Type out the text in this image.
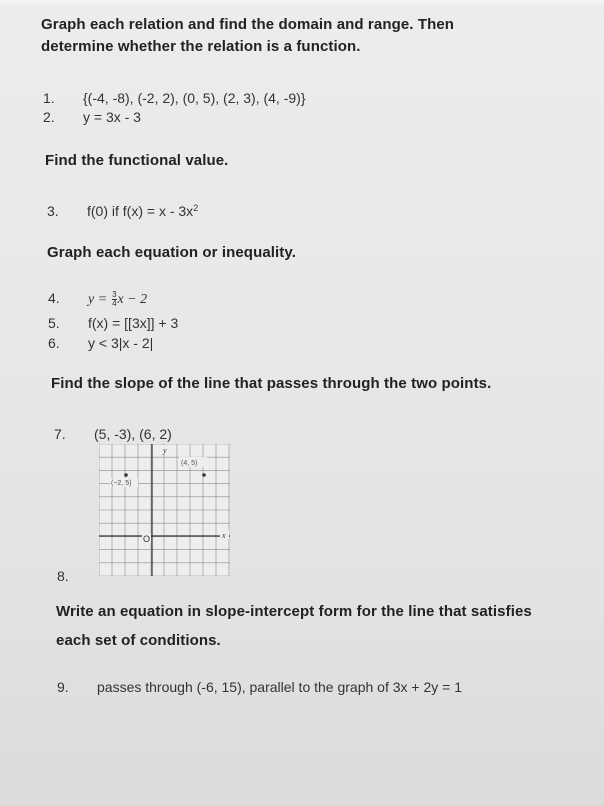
Graph each relation and find the domain and range. Then

determine whether the relation is a function.

1. {(-4, -8), (-2, 2), (0, 5), (2, 3), (4, -9)}
2. y = 3x - 3

Find the functional value.

3. f(0) if $f(x) = x - 3x^2$

Graph each equation or inequality.

4. $y = \frac{3}{4}$ x − 2
5. f(x) = [[3x]] + 3
6. y < 3|x - 2|

Find the slope of the line that passes through the two points.

7. (5, -3), (6, 2)
y
x
O
(−2, 5)
(4, 5)
8.

Write an equation in slope-intercept form for the line that satisfies

each set of conditions.

9. passes through (-6, 15), parallel to the graph of 3x + 2y = 1
